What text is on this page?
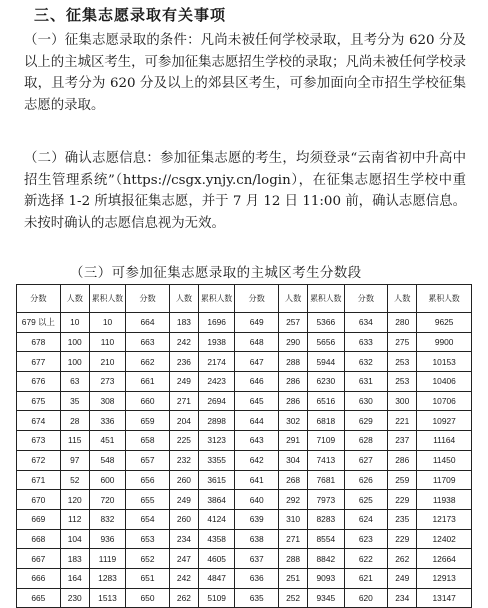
三、征集志愿录取有关事项
（一）征集志愿录取的条件：凡尚未被任何学校录取，且考分为 620 分及以上的主城区考生，可参加征集志愿招生学校的录取；凡尚未被任何学校录取，且考分为 620 分及以上的郊县区考生，可参加面向全市招生学校征集志愿的录取。
（二）确认志愿信息：参加征集志愿的考生，均须登录“云南省初中升高中招生管理系统”（https://csgx.ynjy.cn/login），在征集志愿招生学校中重新选择 1-2 所填报征集志愿，并于 7 月 12 日 11:00 前，确认志愿信息。未按时确认的志愿信息视为无效。
（三）可参加征集志愿录取的主城区考生分数段
分数	人数	累积人数	分数	人数	累积人数	分数	人数	累积人数	分数	人数	累积人数
679 以上	10	10	664	183	1696	649	257	5366	634	280	9625
678	100	110	663	242	1938	648	290	5656	633	275	9900
677	100	210	662	236	2174	647	288	5944	632	253	10153
676	63	273	661	249	2423	646	286	6230	631	253	10406
675	35	308	660	271	2694	645	286	6516	630	300	10706
674	28	336	659	204	2898	644	302	6818	629	221	10927
673	115	451	658	225	3123	643	291	7109	628	237	11164
672	97	548	657	232	3355	642	304	7413	627	286	11450
671	52	600	656	260	3615	641	268	7681	626	259	11709
670	120	720	655	249	3864	640	292	7973	625	229	11938
669	112	832	654	260	4124	639	310	8283	624	235	12173
668	104	936	653	234	4358	638	271	8554	623	229	12402
667	183	1119	652	247	4605	637	288	8842	622	262	12664
666	164	1283	651	242	4847	636	251	9093	621	249	12913
665	230	1513	650	262	5109	635	252	9345	620	234	13147
